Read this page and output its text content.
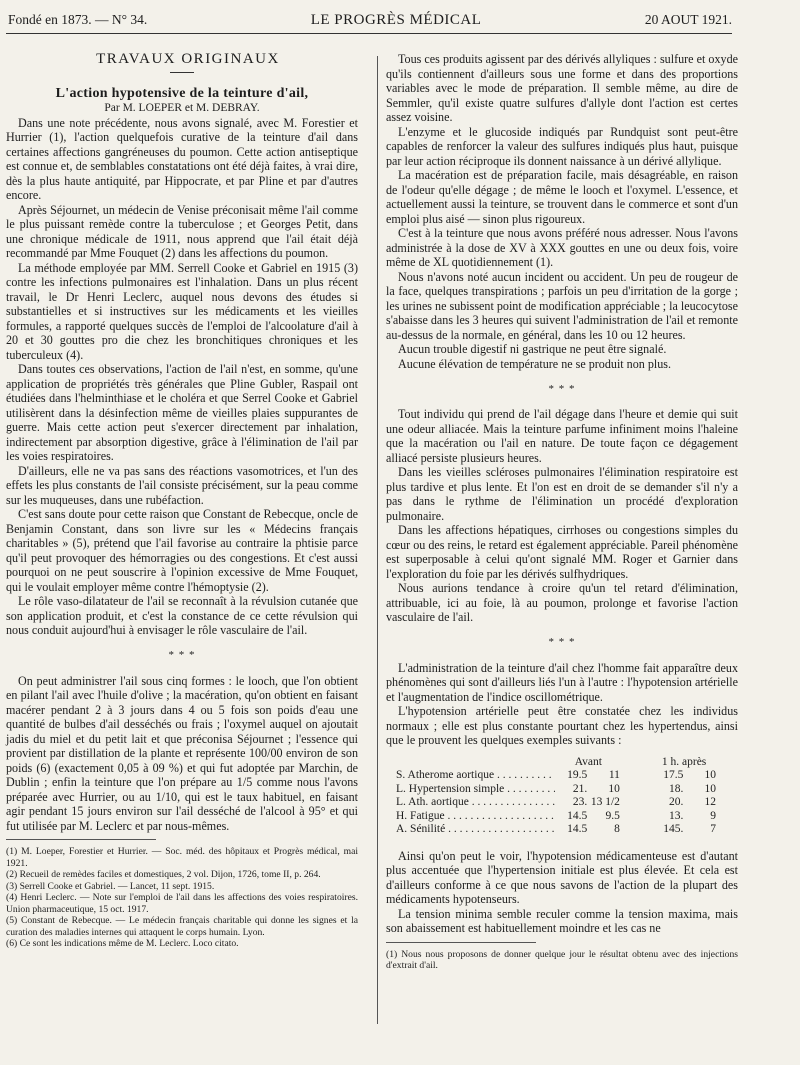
Fondé en 1873. — N° 34.	LE PROGRÈS MÉDICAL	20 AOUT 1921.

TRAVAUX ORIGINAUX

L'action hypotensive de la teinture d'ail,

Par M. LOEPER et M. DEBRAY.

Dans une note précédente, nous avons signalé, avec M. Forestier et Hurrier (1), l'action quelquefois curative de la teinture d'ail dans certaines affections gangréneuses du poumon. Cette action antiseptique est connue et, de semblables constatations ont été déjà faites, à vrai dire, dès la plus haute antiquité, par Hippocrate, et par Pline et par d'autres encore.

Après Séjournet, un médecin de Venise préconisait même l'ail comme le plus puissant remède contre la tuberculose ; et Georges Petit, dans une chronique médicale de 1911, nous apprend que l'ail était déjà recommandé par Mme Fouquet (2) dans les affections du poumon.

La méthode employée par MM. Serrell Cooke et Gabriel en 1915 (3) contre les infections pulmonaires est l'inhalation. Dans un plus récent travail, le Dr Henri Leclerc, auquel nous devons des études si substantielles et si instructives sur les médicaments et les vieilles formules, a rapporté quelques succès de l'emploi de l'alcoolature d'ail à 20 et 30 gouttes pro die chez les bronchitiques chroniques et les tuberculeux (4).

Dans toutes ces observations, l'action de l'ail n'est, en somme, qu'une application de propriétés très générales que Pline Gubler, Raspail ont étudiées dans l'helminthiase et le choléra et que Serrel Cooke et Gabriel utilisèrent dans la désinfection même de vieilles plaies suppurantes de guerre. Mais cette action peut s'exercer directement par inhalation, indirectement par absorption digestive, grâce à l'élimination de l'ail par les voies respiratoires.

D'ailleurs, elle ne va pas sans des réactions vasomotrices, et l'un des effets les plus constants de l'ail consiste précisément, sur la peau comme sur les muqueuses, dans une rubéfaction.

C'est sans doute pour cette raison que Constant de Rebecque, oncle de Benjamin Constant, dans son livre sur les « Médecins français charitables » (5), prétend que l'ail favorise au contraire la phtisie parce qu'il peut provoquer des hémorragies ou des congestions. Et c'est aussi pourquoi on ne peut souscrire à l'opinion excessive de Mme Fouquet, qui le voulait employer même contre l'hémoptysie (2).

Le rôle vaso-dilatateur de l'ail se reconnaît à la révulsion cutanée que son application produit, et c'est la constance de ce cette révulsion qui nous conduit aujourd'hui à envisager le rôle vasculaire de l'ail.

* * *

On peut administrer l'ail sous cinq formes : le looch, que l'on obtient en pilant l'ail avec l'huile d'olive ; la macération, qu'on obtient en faisant macérer pendant 2 à 3 jours dans 4 ou 5 fois son poids d'eau une quantité de bulbes d'ail desséchés ou frais ; l'oxymel auquel on ajoutait jadis du miel et du petit lait et que préconisa Séjournet ; l'essence qui provient par distillation de la plante et représente 100/00 environ de son poids (6) (exactement 0,05 à 09 %) et qui fut adoptée par Marchin, de Dublin ; enfin la teinture que l'on prépare au 1/5 comme nous l'avons préparée avec Hurrier, ou au 1/10, qui est le taux habituel, en faisant agir pendant 15 jours environ sur l'ail desséché de l'alcool à 95° et qui fut utilisée par M. Leclerc et par nous-mêmes.

(1) M. Loeper, Forestier et Hurrier. — Soc. méd. des hôpitaux et Progrès médical, mai 1921.

(2) Recueil de remèdes faciles et domestiques, 2 vol. Dijon, 1726, tome II, p. 264.

(3) Serrell Cooke et Gabriel. — Lancet, 11 sept. 1915.

(4) Henri Leclerc. — Note sur l'emploi de l'ail dans les affections des voies respiratoires. Union pharmaceutique, 15 oct. 1917.

(5) Constant de Rebecque. — Le médecin français charitable qui donne les signes et la curation des maladies internes qui attaquent le corps humain. Lyon.

(6) Ce sont les indications même de M. Leclerc. Loco citato.

Tous ces produits agissent par des dérivés allyliques : sulfure et oxyde qu'ils contiennent d'ailleurs sous une forme et dans des proportions variables avec le mode de préparation. Il semble même, au dire de Semmler, qu'il existe quatre sulfures d'allyle dont l'action est certes assez voisine.

L'enzyme et le glucoside indiqués par Rundquist sont peut-être capables de renforcer la valeur des sulfures indiqués plus haut, puisque par leur action réciproque ils donnent naissance à un dérivé allylique.

La macération est de préparation facile, mais désagréable, en raison de l'odeur qu'elle dégage ; de même le looch et l'oxymel. L'essence, et actuellement aussi la teinture, se trouvent dans le commerce et sont d'un emploi plus aisé — sinon plus rigoureux.

C'est à la teinture que nous avons préféré nous adresser. Nous l'avons administrée à la dose de XV à XXX gouttes en une ou deux fois, voire même de XL quotidiennement (1).

Nous n'avons noté aucun incident ou accident. Un peu de rougeur de la face, quelques transpirations ; parfois un peu d'irritation de la gorge ; les urines ne subissent point de modification appréciable ; la leucocytose s'abaisse dans les 3 heures qui suivent l'administration de l'ail et remonte au-dessus de la normale, en général, dans les 10 ou 12 heures.

Aucun trouble digestif ni gastrique ne peut être signalé.

Aucune élévation de température ne se produit non plus.

* * *

Tout individu qui prend de l'ail dégage dans l'heure et demie qui suit une odeur alliacée. Mais la teinture parfume infiniment moins l'haleine que la macération ou l'ail en nature. De toute façon ce dégagement alliacé persiste plusieurs heures.

Dans les vieilles scléroses pulmonaires l'élimination respiratoire est plus tardive et plus lente. Et l'on est en droit de se demander s'il n'y a pas dans le rythme de l'élimination un procédé d'exploration pulmonaire.

Dans les affections hépatiques, cirrhoses ou congestions simples du cœur ou des reins, le retard est également appréciable. Pareil phénomène est superposable à celui qu'ont signalé MM. Roger et Garnier dans l'exploration du foie par les dérivés sulfhydriques.

Nous aurions tendance à croire qu'un tel retard d'élimination, attribuable, ici au foie, là au poumon, prolonge et favorise l'action vasculaire de l'ail.

* * *

L'administration de la teinture d'ail chez l'homme fait apparaître deux phénomènes qui sont d'ailleurs liés l'un à l'autre : l'hypotension artérielle et l'augmentation de l'indice oscillométrique.

L'hypotension artérielle peut être constatée chez les individus normaux ; elle est plus constante pourtant chez les hypertendus, ainsi que le prouvent les quelques exemples suivants :

Avant	1 h. après
S. Atherome aortique . . .	19.5	11	17.5	10
L. Hypertension simple . . .	21.	10	18.	10
L. Ath. aortique . . .	23. 13 1/2	20.	12
H. Fatigue . . .	14.5	9.5	13.	9
A. Sénilité . . .	14.5	8	145.	7

Ainsi qu'on peut le voir, l'hypotension médicamenteuse est d'autant plus accentuée que l'hypertension initiale est plus élevée. Et cela est d'ailleurs conforme à ce que nous savons de l'action de la plupart des médicaments hypotenseurs.

La tension minima semble reculer comme la tension maxima, mais son abaissement est habituellement moindre et les cas ne

(1) Nous nous proposons de donner quelque jour le résultat obtenu avec des injections d'extrait d'ail.
